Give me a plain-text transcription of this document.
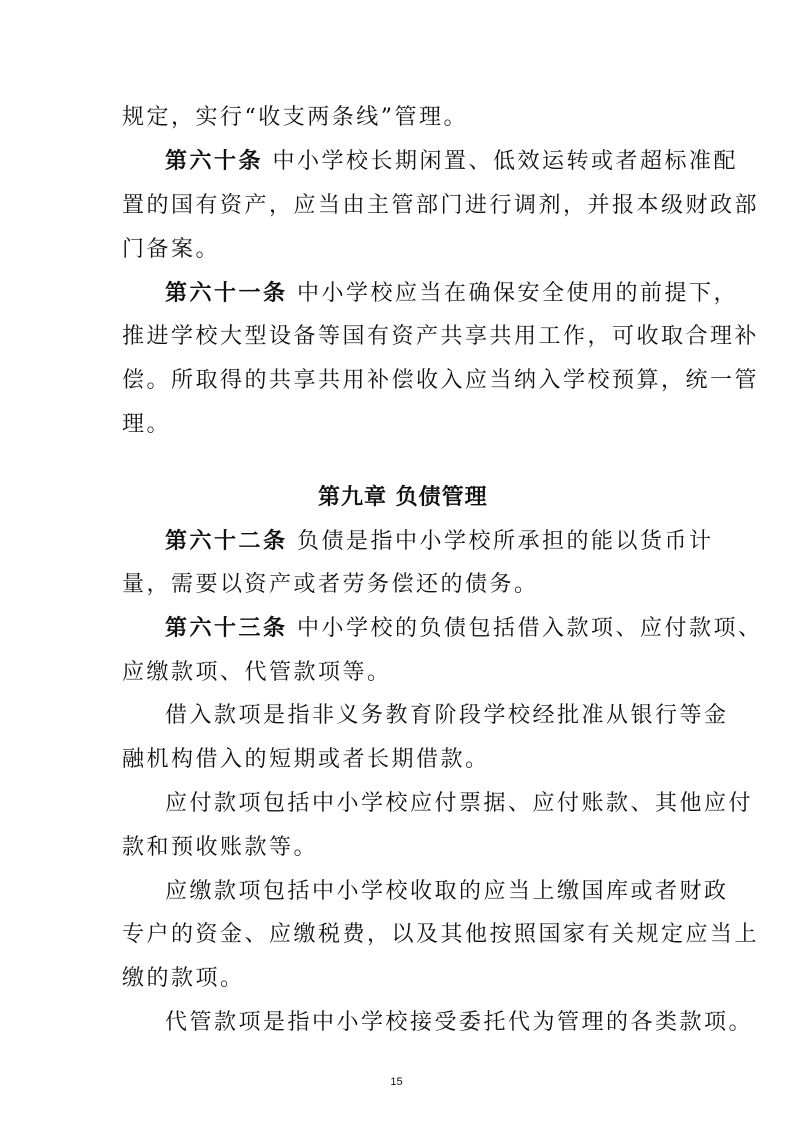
规定，实行“收支两条线”管理。
第六十条 中小学校长期闲置、低效运转或者超标准配
置的国有资产，应当由主管部门进行调剂，并报本级财政部
门备案。
第六十一条 中小学校应当在确保安全使用的前提下，
推进学校大型设备等国有资产共享共用工作，可收取合理补
偿。所取得的共享共用补偿收入应当纳入学校预算，统一管
理。
第九章 负债管理
第六十二条 负债是指中小学校所承担的能以货币计
量，需要以资产或者劳务偿还的债务。
第六十三条 中小学校的负债包括借入款项、应付款项、
应缴款项、代管款项等。
借入款项是指非义务教育阶段学校经批准从银行等金
融机构借入的短期或者长期借款。
应付款项包括中小学校应付票据、应付账款、其他应付
款和预收账款等。
应缴款项包括中小学校收取的应当上缴国库或者财政
专户的资金、应缴税费，以及其他按照国家有关规定应当上
缴的款项。
代管款项是指中小学校接受委托代为管理的各类款项。
15
